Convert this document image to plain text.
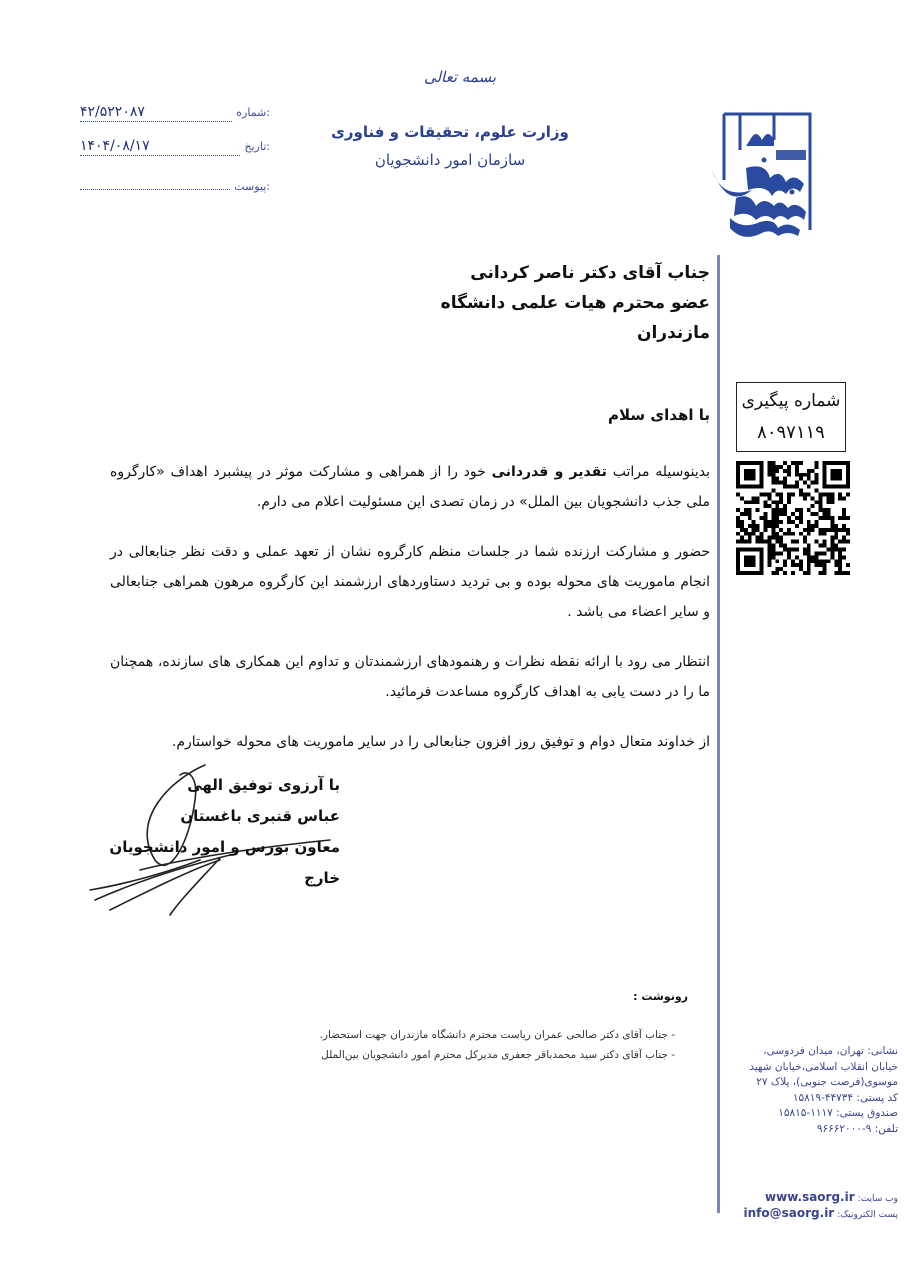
بسمه تعالی
وزارت علوم، تحقیقات و فناوری
سازمان امور دانشجویان
شماره:
۴۲/۵۲۲۰۸۷
تاریخ:
۱۴۰۴/۰۸/۱۷
پیوست:
جناب آقای دکتر ناصر کردانی
عضو محترم هیات علمی دانشگاه مازندران
شماره پیگیری
۸۰۹۷۱۱۹
با اهدای سلام
بدینوسیله مراتب تقدیر و قدردانی خود را از همراهی و مشارکت موثر در پیشبرد اهداف «کارگروه ملی جذب دانشجویان بین الملل» در زمان تصدی این مسئولیت اعلام می دارم.
حضور و مشارکت ارزنده شما در جلسات منظم کارگروه نشان از تعهد عملی و دقت نظر جنابعالی در انجام ماموریت های محوله بوده و بی تردید دستاوردهای ارزشمند این کارگروه مرهون همراهی جنابعالی و سایر اعضاء می باشد .
انتظار می رود با ارائه نقطه نظرات و رهنمودهای ارزشمندتان و تداوم این همکاری های سازنده، همچنان ما را در دست یابی به اهداف کارگروه مساعدت فرمائید.
از خداوند متعال دوام و توفیق روز افزون جنابعالی را در سایر ماموریت های محوله خواستارم.
با آرزوی توفیق الهی
عباس قنبری باغستان
معاون بورس و امور دانشجویان خارج
رونوشت :
- جناب آقای دکتر صالحی عمران ریاست محترم دانشگاه مازندران جهت استحضار.
- جناب آقای دکتر سید محمدباقر جعفری مدیرکل محترم امور دانشجویان بین‌الملل	نشانی: تهران، میدان فردوسی،
خیابان انقلاب اسلامی،خیابان شهید
موسوی(فرصت جنوبی)، پلاک ۲۷
کد پستی: ۴۴۷۳۴-۱۵۸۱۹
صندوق پستی: ۱۱۱۷-۱۵۸۱۵
تلفن: ۹-۹۶۶۶۲۰۰۰
وب سایت:
www.saorg.ir
پست الکترونیک:
info@saorg.ir
